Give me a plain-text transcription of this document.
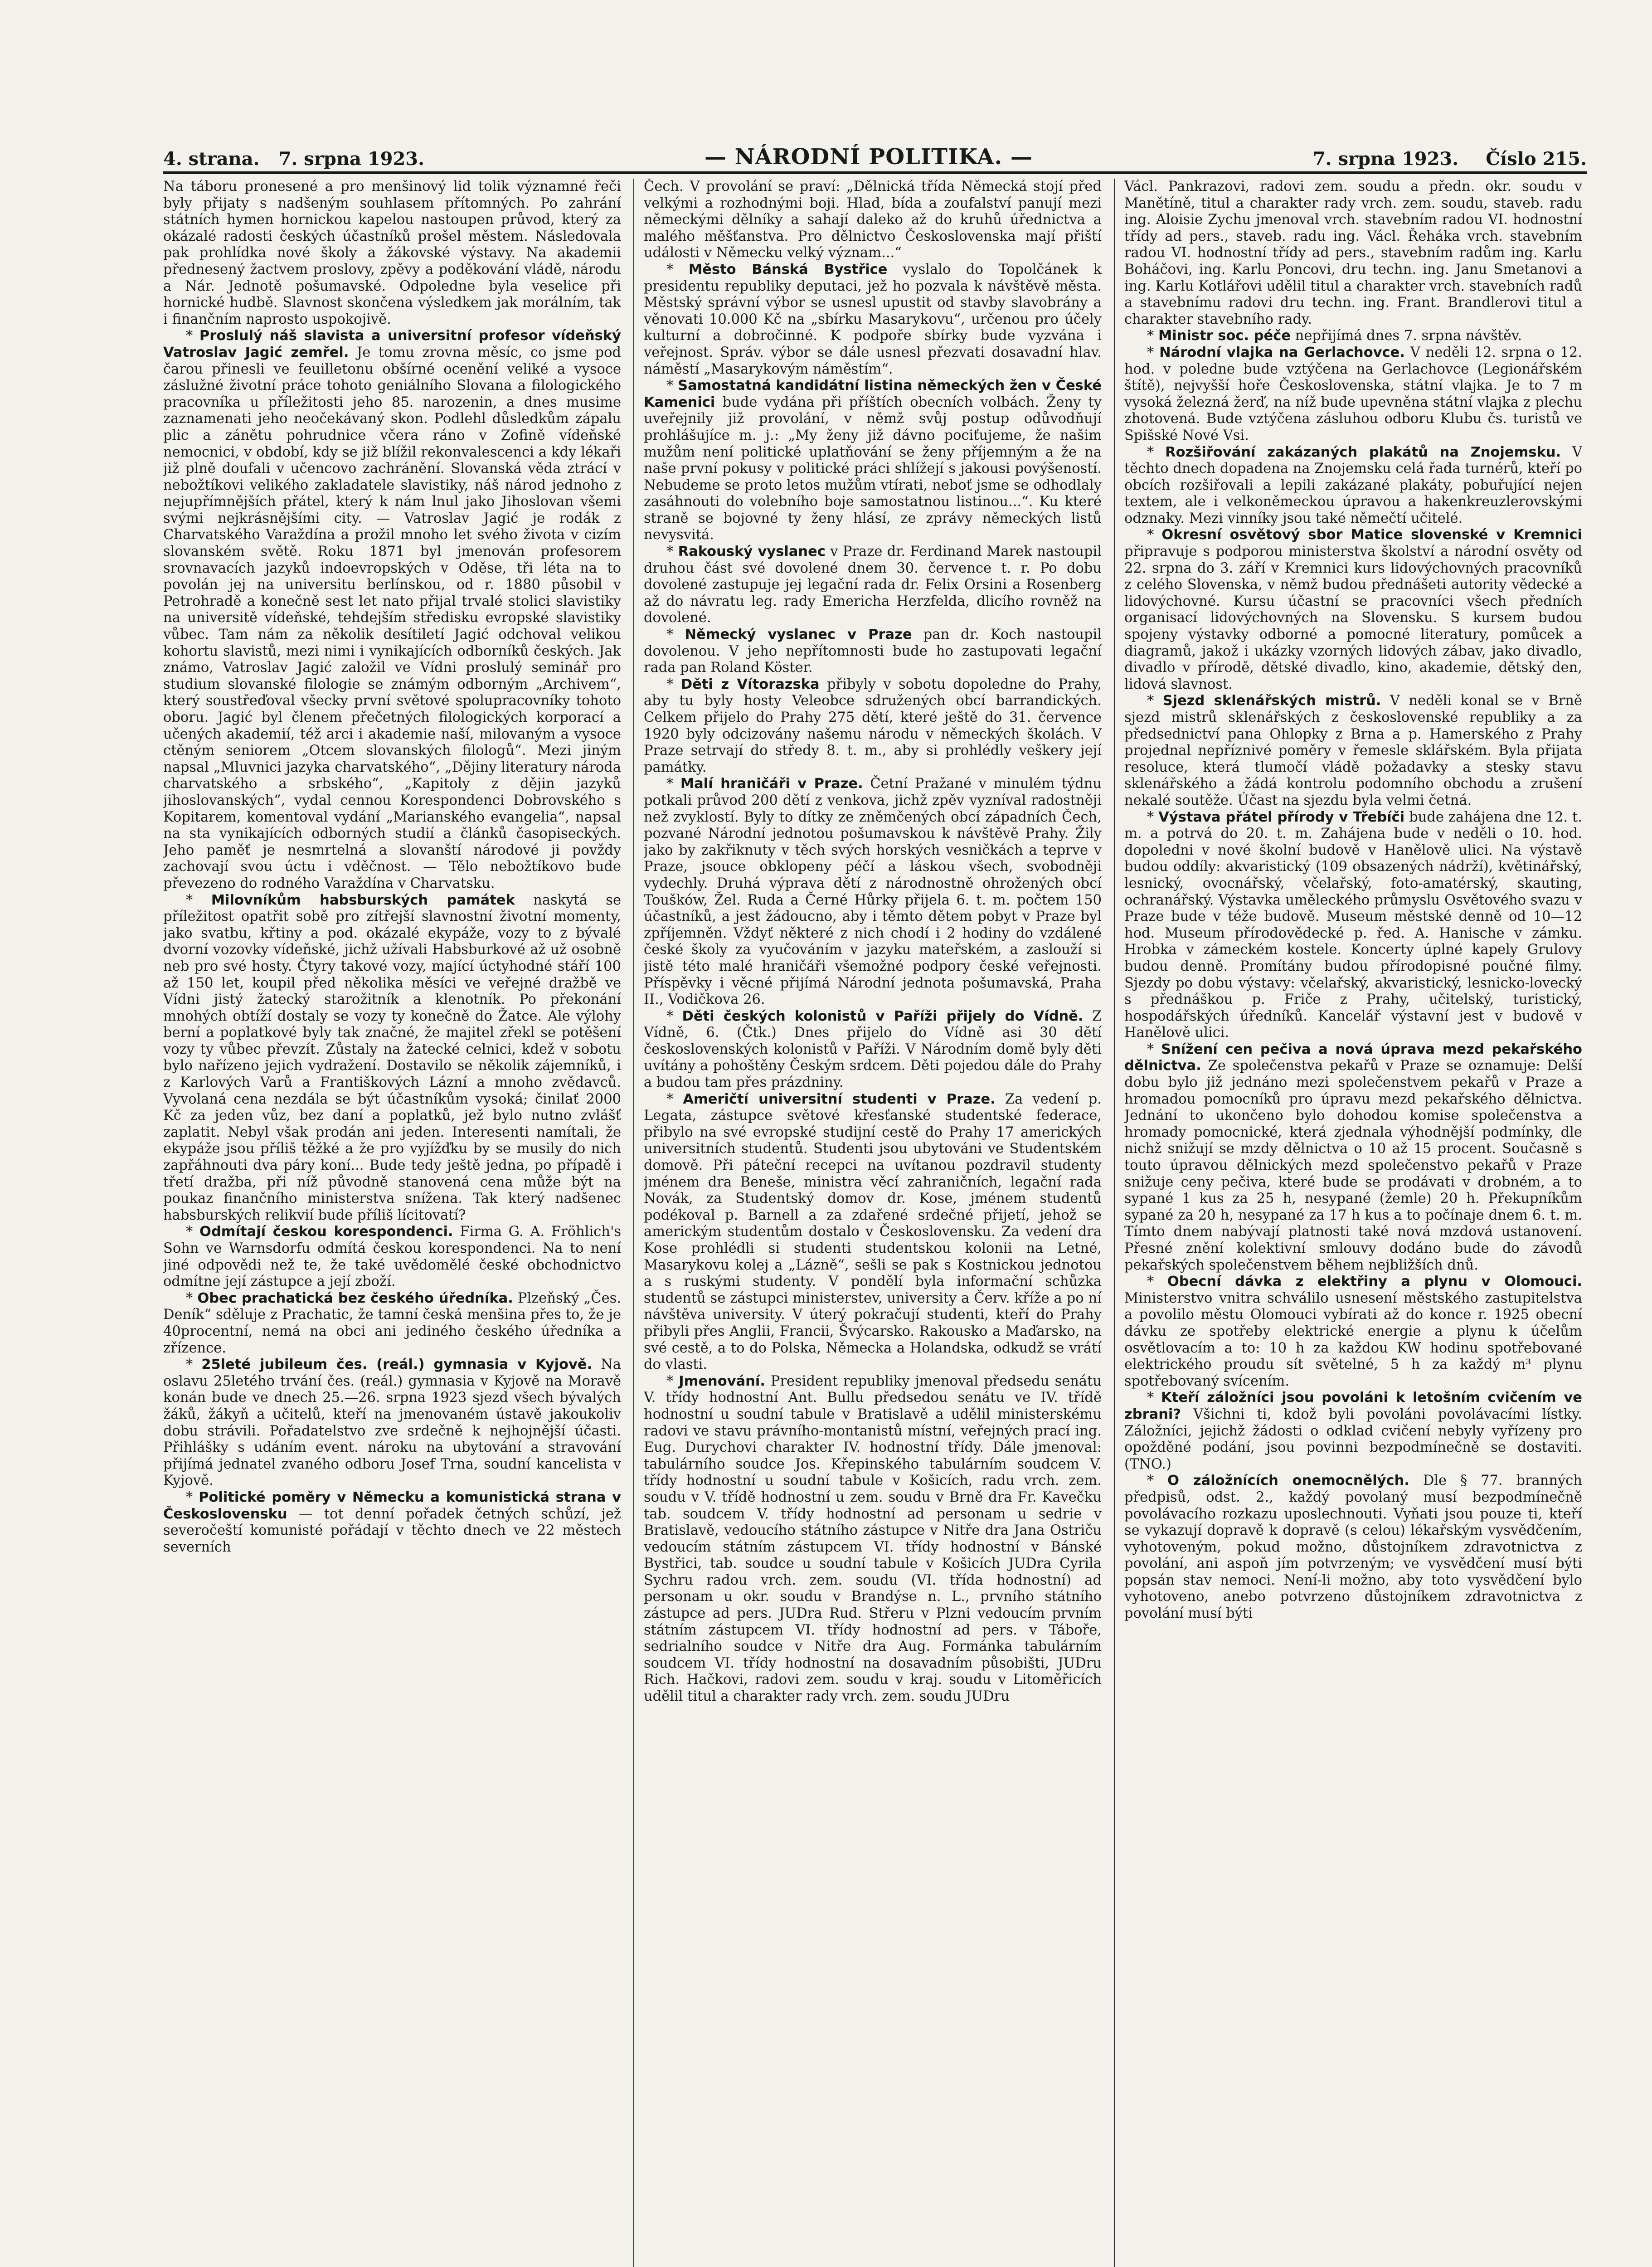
4. strana. 7. srpna 1923.	— NÁRODNÍ POLITIKA. —	7. srpna 1923. Číslo 215.

Na táboru pronesené a pro menšinový lid tolik významné řeči byly přijaty s nadšeným souhlasem přítomných. Po zahrání státních hymen hornickou kapelou nastoupen průvod, který za okázalé radosti českých účastníků prošel městem. Následovala pak prohlídka nové školy a žákovské výstavy. Na akademii přednesený žactvem proslovy, zpěvy a poděkování vládě, národu a Nár. Jednotě pošumavské. Odpoledne byla veselice při hornické hudbě. Slavnost skončena výsledkem jak morálním, tak i finančním naprosto uspokojivě.

* Proslulý náš slavista a universitní profesor vídeňský Vatroslav Jagić zemřel. Je tomu zrovna měsíc, co jsme pod čarou přinesli ve feuilletonu obšírné ocenění veliké a vysoce záslužné životní práce tohoto geniálního Slovana a filologického pracovníka u příležitosti jeho 85. narozenin, a dnes musime zaznamenati jeho neočekávaný skon. Podlehl důsledkům zápalu plic a zánětu pohrudnice včera ráno v Zofině vídeňské nemocnici, v období, kdy se již blížil rekonvalescenci a kdy lékaři již plně doufali v učencovo zachránění. Slovanská věda ztrácí v nebožtíkovi velikého zakladatele slavistiky, náš národ jednoho z nejupřímnějších přátel, který k nám lnul jako Jihoslovan všemi svými nejkrásnějšími city. — Vatroslav Jagić je rodák z Charvatského Varaždína a prožil mnoho let svého života v cizím slovanském světě. Roku 1871 byl jmenován profesorem srovnavacích jazyků indoevropských v Oděse, tři léta na to povolán jej na universitu berlínskou, od r. 1880 působil v Petrohradě a konečně sest let nato přijal trvalé stolici slavistiky na universitě vídeňské, tehdejším středisku evropské slavistiky vůbec. Tam nám za několik desítiletí Jagić odchoval velikou kohortu slavistů, mezi nimi i vynikajících odborníků českých. Jak známo, Vatroslav Jagić založil ve Vídni proslulý seminář pro studium slovanské filologie se známým odborným „Archivem“, který soustřeďoval všecky první světové spolupracovníky tohoto oboru. Jagić byl členem přečetných filologických korporací a učených akademií, též arci i akademie naší, milovaným a vysoce ctěným seniorem „Otcem slovanských filologů“. Mezi jiným napsal „Mluvnici jazyka charvatského“, „Dějiny literatury národa charvatského a srbského“, „Kapitoly z dějin jazyků jihoslovanských“, vydal cennou Korespondenci Dobrovského s Kopitarem, komentoval vydání „Marianského evangelia“, napsal na sta vynikajících odborných studií a článků časopiseckých. Jeho paměť je nesmrtelná a slovanští národové ji povždy zachovají svou úctu i vděčnost. — Tělo nebožtíkovo bude převezeno do rodného Varaždína v Charvatsku.

* Milovníkům habsburských památek naskytá se příležitost opatřit sobě pro zítřejší slavnostní životní momenty, jako svatbu, křtiny a pod. okázalé ekypáže, vozy to z bývalé dvorní vozovky vídeňské, jichž užívali Habsburkové až už osobně neb pro své hosty. Čtyry takové vozy, mající úctyhodné stáří 100 až 150 let, koupil před několika měsíci ve veřejné dražbě ve Vídni jistý žatecký starožitník a klenotník. Po překonání mnohých obtíží dostaly se vozy ty konečně do Žatce. Ale výlohy berní a poplatkové byly tak značné, že majitel zřekl se potěšení vozy ty vůbec převzít. Zůstaly na žatecké celnici, kdež v sobotu bylo nařízeno jejich vydražení. Dostavilo se několik zájemníků, i z Karlových Varů a Františkových Lázní a mnoho zvědavců. Vyvolaná cena nezdála se být účastníkům vysoká; činilať 2000 Kč za jeden vůz, bez daní a poplatků, jež bylo nutno zvlášť zaplatit. Nebyl však prodán ani jeden. Interesenti namítali, že ekypáže jsou příliš těžké a že pro vyjížďku by se musily do nich zapřáhnouti dva páry koní... Bude tedy ještě jedna, po případě i třetí dražba, při níž původně stanovená cena může být na poukaz finančního ministerstva snížena. Tak který nadšenec habsburských relikvií bude příliš lícitovatí?

* Odmítají českou korespondenci. Firma G. A. Fröhlich's Sohn ve Warnsdorfu odmítá českou korespondenci. Na to není jiné odpovědi než te, že také uvědomělé české obchodnictvo odmítne její zástupce a její zboží.

* Obec prachatická bez českého úředníka. Plzeňský „Čes. Deník“ sděluje z Prachatic, že tamní česká menšina přes to, že je 40procentní, nemá na obci ani jediného českého úředníka a zřízence.

* 25leté jubileum čes. (reál.) gymnasia v Kyjově. Na oslavu 25letého trvání čes. (reál.) gymnasia v Kyjově na Moravě konán bude ve dnech 25.—26. srpna 1923 sjezd všech bývalých žáků, žákyň a učitelů, kteří na jmenovaném ústavě jakoukoliv dobu strávili. Pořadatelstvo zve srdečně k nejhojnější účasti. Přihlášky s udáním event. nároku na ubytování a stravování přijímá jednatel zvaného odboru Josef Trna, soudní kancelista v Kyjově.

* Politické poměry v Německu a komunistická strana v Československu — tot denní pořadek četných schůzí, jež severočeští komunisté pořádají v těchto dnech ve 22 městech severních

Čech. V provolání se praví: „Dělnická třída Německá stojí před velkými a rozhodnými boji. Hlad, bída a zoufalství panují mezi německými dělníky a sahají daleko až do kruhů úřednictva a malého měšťanstva. Pro dělnictvo Československa mají přiští události v Německu velký význam...“

* Město Bánská Bystřice vyslalo do Topolčánek k presidentu republiky deputaci, jež ho pozvala k návštěvě města. Městský správní výbor se usnesl upustit od stavby slavobrány a věnovati 10.000 Kč na „sbírku Masarykovu“, určenou pro účely kulturní a dobročinné. K podpoře sbírky bude vyzvána i veřejnost. Správ. výbor se dále usnesl přezvati dosavadní hlav. náměstí „Masarykovým náměstím“.

* Samostatná kandidátní listina německých žen v České Kamenici bude vydána při příštích obecních volbách. Ženy ty uveřejnily již provolání, v němž svůj postup odůvodňují prohlášujíce m. j.: „My ženy již dávno pociťujeme, že našim mužům není politické uplatňování se ženy příjemným a že na naše první pokusy v politické práci shlížejí s jakousi povýšeností. Nebudeme se proto letos mužům vtírati, neboť jsme se odhodlaly zasáhnouti do volebního boje samostatnou listinou...“. Ku které straně se bojovné ty ženy hlásí, ze zprávy německých listů nevysvitá.

* Rakouský vyslanec v Praze dr. Ferdinand Marek nastoupil druhou část své dovolené dnem 30. července t. r. Po dobu dovolené zastupuje jej legační rada dr. Felix Orsini a Rosenberg až do návratu leg. rady Emericha Herzfelda, dlicího rovněž na dovolené.

* Německý vyslanec v Praze pan dr. Koch nastoupil dovolenou. V jeho nepřítomnosti bude ho zastupovati legační rada pan Roland Köster.

* Děti z Vítorazska přibyly v sobotu dopoledne do Prahy, aby tu byly hosty Veleobce sdružených obcí barrandických. Celkem přijelo do Prahy 275 dětí, které ještě do 31. července 1920 byly odcizovány našemu národu v německých školách. V Praze setrvají do středy 8. t. m., aby si prohlédly veškery její památky.

* Malí hraničáři v Praze. Četní Pražané v minulém týdnu potkali průvod 200 dětí z venkova, jichž zpěv vyzníval radostněji než zvyklostí. Byly to dítky ze zněmčených obcí západních Čech, pozvané Národní jednotou pošumavskou k návštěvě Prahy. Žily jako by zakřiknuty v těch svých horských vesničkách a teprve v Praze, jsouce obklopeny péčí a láskou všech, svobodněji vydechly. Druhá výprava dětí z národnostně ohrožených obcí Toušków, Žel. Ruda a Černé Hůrky přijela 6. t. m. počtem 150 účastníků, a jest žádoucno, aby i těmto dětem pobyt v Praze byl zpříjemněn. Vždyť některé z nich chodí i 2 hodiny do vzdálené české školy za vyučováním v jazyku mateřském, a zaslouží si jistě této malé hraničáři všemožné podpory české veřejnosti. Příspěvky i věcné přijímá Národní jednota pošumavská, Praha II., Vodičkova 26.

* Děti českých kolonistů v Paříži přijely do Vídně. Z Vídně, 6. (Čtk.) Dnes přijelo do Vídně asi 30 dětí československých kolonistů v Paříži. V Národním domě byly děti uvítány a pohoštěny Českým srdcem. Děti pojedou dále do Prahy a budou tam přes prázdniny.

* Američtí universitní studenti v Praze. Za vedení p. Legata, zástupce světové křesťanské studentské federace, přibylo na své evropské studijní cestě do Prahy 17 amerických universitních studentů. Studenti jsou ubytováni ve Studentském domově. Při páteční recepci na uvítanou pozdravil studenty jménem dra Beneše, ministra věcí zahraničních, legační rada Novák, za Studentský domov dr. Kose, jménem studentů podékoval p. Barnell a za zdařené srdečné přijetí, jehož se americkým studentům dostalo v Československu. Za vedení dra Kose prohlédli si studenti studentskou kolonii na Letné, Masarykovu kolej a „Lázně“, sešli se pak s Kostnickou jednotou a s ruskými studenty. V pondělí byla informační schůzka studentů se zástupci ministerstev, university a Červ. kříže a po ní návštěva university. V úterý pokračují studenti, kteří do Prahy přibyli přes Anglii, Francii, Švýcarsko. Rakousko a Maďarsko, na své cestě, a to do Polska, Německa a Holandska, odkudž se vrátí do vlasti.

* Jmenování. President republiky jmenoval předsedu senátu V. třídy hodnostní Ant. Bullu předsedou senátu ve IV. třídě hodnostní u soudní tabule v Bratislavě a udělil ministerskému radovi ve stavu právního-montanistů místní, veřejných prací ing. Eug. Durychovi charakter IV. hodnostní třídy. Dále jmenoval: tabulárního soudce Jos. Křepinského tabulárním soudcem V. třídy hodnostní u soudní tabule v Košicích, radu vrch. zem. soudu v V. třídě hodnostní u zem. soudu v Brně dra Fr. Kavečku tab. soudcem V. třídy hodnostní ad personam u sedrie v Bratislavě, vedoucího státního zástupce v Nitře dra Jana Ostriču vedoucím státním zástupcem VI. třídy hodnostní v Bánské Bystřici, tab. soudce u soudní tabule v Košicích JUDra Cyrila Sychru radou vrch. zem. soudu (VI. třída hodnostní) ad personam u okr. soudu v Brandýse n. L., prvního státního zástupce ad pers. JUDra Rud. Střeru v Plzni vedoucím prvním státním zástupcem VI. třídy hodnostní ad pers. v Táboře, sedrialního soudce v Nitře dra Aug. Formánka tabulárním soudcem VI. třídy hodnostní na dosavadním působišti, JUDru Rich. Hačkovi, radovi zem. soudu v kraj. soudu v Litoměřicích udělil titul a charakter rady vrch. zem. soudu JUDru

Václ. Pankrazovi, radovi zem. soudu a předn. okr. soudu v Manětíně, titul a charakter rady vrch. zem. soudu, staveb. radu ing. Aloisie Zychu jmenoval vrch. stavebním radou VI. hodnostní třídy ad pers., staveb. radu ing. Václ. Řeháka vrch. stavebním radou VI. hodnostní třídy ad pers., stavebním radům ing. Karlu Boháčovi, ing. Karlu Poncovi, dru techn. ing. Janu Smetanovi a ing. Karlu Kotlářovi udělil titul a charakter vrch. stavebních radů a stavebnímu radovi dru techn. ing. Frant. Brandlerovi titul a charakter stavebního rady.

* Ministr soc. péče nepřijímá dnes 7. srpna návštěv.

* Národní vlajka na Gerlachovce. V neděli 12. srpna o 12. hod. v poledne bude vztýčena na Gerlachovce (Legionářském štítě), nejvyšší hoře Československa, státní vlajka. Je to 7 m vysoká železná žerď, na níž bude upevněna státní vlajka z plechu zhotovená. Bude vztýčena zásluhou odboru Klubu čs. turistů ve Spišské Nové Vsi.

* Rozšiřování zakázaných plakátů na Znojemsku. V těchto dnech dopadena na Znojemsku celá řada turnérů, kteří po obcích rozšiřovali a lepili zakázané plakáty, pobuřující nejen textem, ale i velkoněmeckou úpravou a hakenkreuzlerovskými odznaky. Mezi vinníky jsou také němečtí učitelé.

* Okresní osvětový sbor Matice slovenské v Kremnici připravuje s podporou ministerstva školství a národní osvěty od 22. srpna do 3. září v Kremnici kurs lidovýchovných pracovníků z celého Slovenska, v němž budou přednášeti autority vědecké a lidovýchovné. Kursu účastní se pracovníci všech předních organisací lidovýchovných na Slovensku. S kursem budou spojeny výstavky odborné a pomocné literatury, pomůcek a diagramů, jakož i ukázky vzorných lidových zábav, jako divadlo, divadlo v přírodě, dětské divadlo, kino, akademie, dětský den, lidová slavnost.

* Sjezd sklenářských mistrů. V neděli konal se v Brně sjezd mistrů sklenářských z československé republiky a za předsednictví pana Ohlopky z Brna a p. Hamerského z Prahy projednal nepříznivé poměry v řemesle sklářském. Byla přijata resoluce, která tlumočí vládě požadavky a stesky stavu sklenářského a žádá kontrolu podomního obchodu a zrušení nekalé soutěže. Účast na sjezdu byla velmi četná.

* Výstava přátel přírody v Třebíči bude zahájena dne 12. t. m. a potrvá do 20. t. m. Zahájena bude v neděli o 10. hod. dopoledni v nové školní budově v Hanělově ulici. Na výstavě budou oddíly: akvaristický (109 obsazených nádrží), květinářský, lesnický, ovocnářský, včelařský, foto-amatérský, skauting, ochranářský. Výstavka uměleckého průmyslu Osvětového svazu v Praze bude v téže budově. Museum městské denně od 10—12 hod. Museum přírodovědecké p. řed. A. Hanische v zámku. Hrobka v zámeckém kostele. Koncerty úplné kapely Grulovy budou denně. Promítány budou přírodopisné poučné filmy. Sjezdy po dobu výstavy: včelařský, akvaristický, lesnicko-lovecký s přednáškou p. Friče z Prahy, učitelský, turistický, hospodářských úředníků. Kancelář výstavní jest v budově v Hanělově ulici.

* Snížení cen pečiva a nová úprava mezd pekařského dělnictva. Ze společenstva pekařů v Praze se oznamuje: Delší dobu bylo již jednáno mezi společenstvem pekařů v Praze a hromadou pomocníků pro úpravu mezd pekařského dělnictva. Jednání to ukončeno bylo dohodou komise společenstva a hromady pomocnické, která zjednala výhodnější podmínky, dle nichž snižují se mzdy dělnictva o 10 až 15 procent. Současně s touto úpravou dělnických mezd společenstvo pekařů v Praze snižuje ceny pečiva, které bude se prodávati v drobném, a to sypané 1 kus za 25 h, nesypané (žemle) 20 h. Překupníkům sypané za 20 h, nesypané za 17 h kus a to počínaje dnem 6. t. m. Tímto dnem nabývají platnosti také nová mzdová ustanovení. Přesné znění kolektivní smlouvy dodáno bude do závodů pekařských společenstvem během nejbližších dnů.

* Obecní dávka z elektřiny a plynu v Olomouci. Ministerstvo vnitra schválilo usnesení městského zastupitelstva a povolilo městu Olomouci vybírati až do konce r. 1925 obecní dávku ze spotřeby elektrické energie a plynu k účelům osvětlovacím a to: 10 h za každou KW hodinu spotřebované elektrického proudu sít světelné, 5 h za každý m³ plynu spotřebovaný svícením.

* Kteří záložníci jsou povoláni k letošním cvičením ve zbrani? Všichni ti, kdož byli povoláni povolávacími lístky. Záložníci, jejichž žádosti o odklad cvičení nebyly vyřízeny pro opožděné podání, jsou povinni bezpodmínečně se dostaviti. (TNO.)

* O záložnících onemocnělých. Dle § 77. branných předpisů, odst. 2., každý povolaný musí bezpodmínečně povolávacího rozkazu uposlechnouti. Vyňati jsou pouze ti, kteří se vykazují dopravě k dopravě (s celou) lékařským vysvědčením, vyhotoveným, pokud možno, důstojníkem zdravotnictva z povolání, ani aspoň jím potvrzeným; ve vysvědčení musí býti popsán stav nemoci. Není-li možno, aby toto vysvědčení bylo vyhotoveno, anebo potvrzeno důstojníkem zdravotnictva z povolání musí býti
